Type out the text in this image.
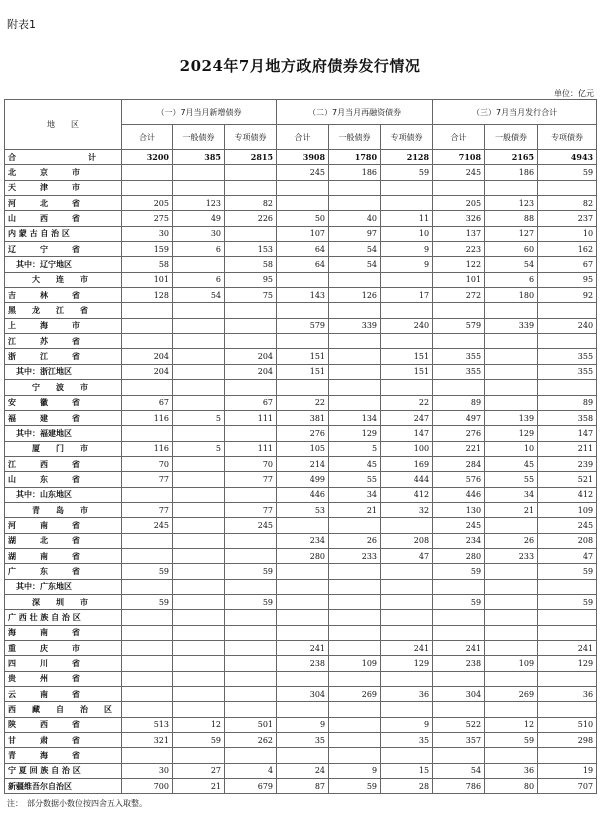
附表1
2024年7月地方政府债券发行情况
单位：亿元
地　　区	（一）7月当月新增债券			（二）7月当月再融资债券			（三）7月当月发行合计		
	合计	一般债券	专项债券	合计	一般债券	专项债券	合计	一般债券	专项债券
合　　　　　　　　　计	3200	385	2815	3908	1780	2128	7108	2165	4943
北　　　京　　　市				245	186	59	245	186	59
天　　　津　　　市									
河　　　北　　　省	205	123	82				205	123	82
山　　　西　　　省	275	49	226	50	40	11	326	88	237
内 蒙 古 自 治 区	30	30		107	97	10	137	127	10
辽　　　宁　　　省	159	6	153	64	54	9	223	60	162
　其中：辽宁地区	58		58	64	54	9	122	54	67
　　　大　　连　　市	101	6	95				101	6	95
吉　　　林　　　省	128	54	75	143	126	17	272	180	92
黑　　龙　　江　　省									
上　　　海　　　市				579	339	240	579	339	240
江　　　苏　　　省									
浙　　　江　　　省	204		204	151		151	355		355
　其中：浙江地区	204		204	151		151	355		355
　　　宁　　波　　市									
安　　　徽　　　省	67		67	22		22	89		89
福　　　建　　　省	116	5	111	381	134	247	497	139	358
　其中：福建地区				276	129	147	276	129	147
　　　厦　　门　　市	116	5	111	105	5	100	221	10	211
江　　　西　　　省	70		70	214	45	169	284	45	239
山　　　东　　　省	77		77	499	55	444	576	55	521
　其中：山东地区				446	34	412	446	34	412
　　　青　　岛　　市	77		77	53	21	32	130	21	109
河　　　南　　　省	245		245				245		245
湖　　　北　　　省				234	26	208	234	26	208
湖　　　南　　　省				280	233	47	280	233	47
广　　　东　　　省	59		59				59		59
　其中：广东地区									
　　　深　　圳　　市	59		59				59		59
广 西 壮 族 自 治 区									
海　　　南　　　省									
重　　　庆　　　市				241		241	241		241
四　　　川　　　省				238	109	129	238	109	129
贵　　　州　　　省									
云　　　南　　　省				304	269	36	304	269	36
西　　藏　　自　　治　　区									
陕　　　西　　　省	513	12	501	9		9	522	12	510
甘　　　肃　　　省	321	59	262	35		35	357	59	298
青　　　海　　　省									
宁 夏 回 族 自 治 区	30	27	4	24	9	15	54	36	19
新疆维吾尔自治区	700	21	679	87	59	28	786	80	707
注：　部分数据小数位按四舍五入取整。
